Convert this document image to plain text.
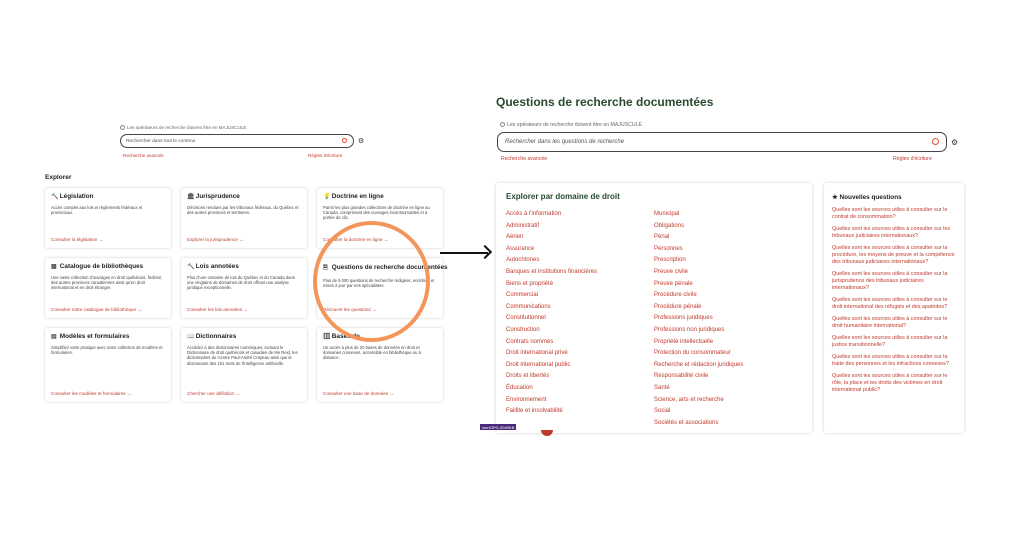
Les opérateurs de recherche doivent être en MAJUSCULE
Rechercher dans tout le contenu	⚙
Recherche avancée	Règles d'écriture
Explorer
🔨 Législation
Accès complet aux lois et règlements fédéraux et provinciaux.
Consulter la législation →
🏛 Jurisprudence
Décisions rendues par les tribunaux fédéraux, du Québec et des autres provinces et territoires.
Explorer la jurisprudence →
💡 Doctrine en ligne
Parmi les plus grandes collections de doctrine en ligne au Canada, comprenant des ouvrages incontournables et à portée de clic.
Consulter la doctrine en ligne →
▦ Catalogue de bibliothèques
Une vaste collection d'ouvrages en droit québécois, fédéral, des autres provinces canadiennes ainsi qu'en droit international et en droit étranger.
Consulter notre catalogue de bibliothèque →
🔨 Lois annotées
Plus d'une centaine de lois du Québec et du Canada dans une vingtaine de domaines de droit offrant une analyse juridique exceptionnelle.
Consulter les lois annotées →
🗎 Questions de recherche documentées
Plus de 5 000 questions de recherche rédigées, enrichies et mises à jour par nos spécialistes.
Découvrir les questions →
▤ Modèles et formulaires
Simplifiez votre pratique avec notre collection de modèles et formulaires.
Consulter les modèles et formulaires →
📖 Dictionnaires
Accédez à des dictionnaires numériques, incluant le Dictionnaire de droit québécois et canadien de Me Reid, les dictionnaires du Centre Paul-André Crépeau ainsi que le dictionnaire des 101 mots de l'intelligence artificielle.
Chercher une définition →
🗄 Bases de
Un accès à plus de 20 bases de données en droit et domaines connexes, accessible en bibliothèque ou à distance.
Consulter une base de données →
Questions de recherche documentées
Les opérateurs de recherche doivent être en MAJUSCULE
Rechercher dans les questions de recherche	⚙
Recherche avancée	Règles d'écriture
Explorer par domaine de droit
Accès à l'information
Administratif
Aérien
Assurance
Autochtones
Banques et institutions financières
Biens et propriété
Commercial
Communications
Constitutionnel
Construction
Contrats nommés
Droit international privé
Droit international public
Droits et libertés
Éducation
Environnement
Faillite et insolvabilité
Municipal
Obligations
Pénal
Personnes
Prescription
Preuve civile
Preuve pénale
Procédure civile
Procédure pénale
Professions juridiques
Professions non juridiques
Propriété intellectuelle
Protection du consommateur
Recherche et rédaction juridiques
Responsabilité civile
Santé
Science, arts et recherche
Social
Sociétés et associations
★ Nouvelles questions
Quelles sont les sources utiles à consulter sur le contrat de consommation?
Quelles sont les sources utiles à consulter sur les tribunaux judiciaires internationaux?
Quelles sont les sources utiles à consulter sur la procédure, les moyens de preuve et la compétence des tribunaux judiciaires internationaux?
Quelles sont les sources utiles à consulter sur la jurisprudence des tribunaux judiciaires internationaux?
Quelles sont les sources utiles à consulter sur le droit international des réfugiés et des apatrides?
Quelles sont les sources utiles à consulter sur le droit humanitaire international?
Quelles sont les sources utiles à consulter sur la justice transitionnelle?
Quelles sont les sources utiles à consulter sur la traite des personnes et les infractions connexes?
Quelles sont les sources utiles à consulter sur le rôle, la place et les droits des victimes en droit international public?
inertOPG-0049KB
